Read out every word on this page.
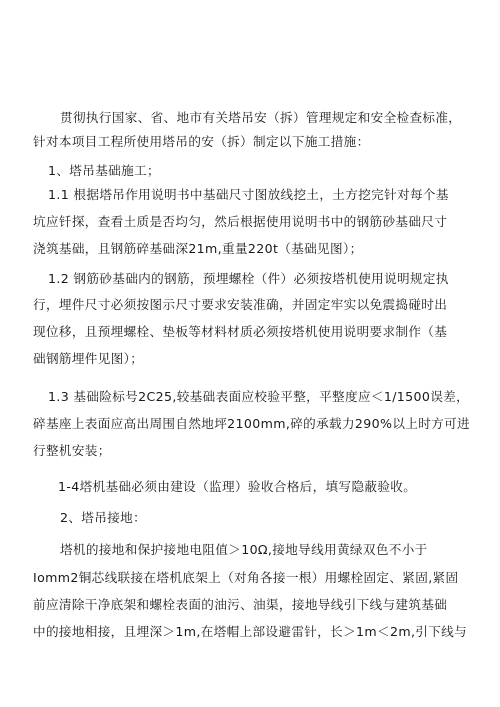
贯彻执行国家、省、地市有关塔吊安（拆）管理规定和安全检查标准，
针对本项目工程所使用塔吊的安（拆）制定以下施工措施：
1、塔吊基础施工；
1.1 根据塔吊作用说明书中基础尺寸图放线挖土，土方挖完针对每个基
坑应钎探，查看土质是否均匀，然后根据使用说明书中的钢筋砂基础尺寸
浇筑基础，且钢筋碎基础深21m,重量220t（基础见图）；
1.2 钢筋砂基础内的钢筋，预埋螺栓（件）必须按塔机使用说明规定执
行，埋件尺寸必须按图示尺寸要求安装准确，并固定牢实以免震捣碰时出
现位移，且预埋螺栓、垫板等材料材质必须按塔机使用说明要求制作（基
础钢筋埋件见图）；
1.3 基础险标号2C25,较基础表面应校验平整，平整度应＜1/1500误差，
碎基座上表面应高出周围自然地坪2100mm,碎的承载力290%以上时方可进
行整机安装；
1-4塔机基础必须由建设（监理）验收合格后，填写隐蔽验收。
2、塔吊接地：
塔机的接地和保护接地电阻值＞10Ω,接地导线用黄绿双色不小于
Iomm2铜芯线联接在塔机底架上（对角各接一根）用螺栓固定、紧固,紧固
前应清除干净底架和螺栓表面的油污、油渠，接地导线引下线与建筑基础
中的接地相接，且埋深＞1m,在塔帽上部设避雷针，长＞1m＜2m,引下线与
